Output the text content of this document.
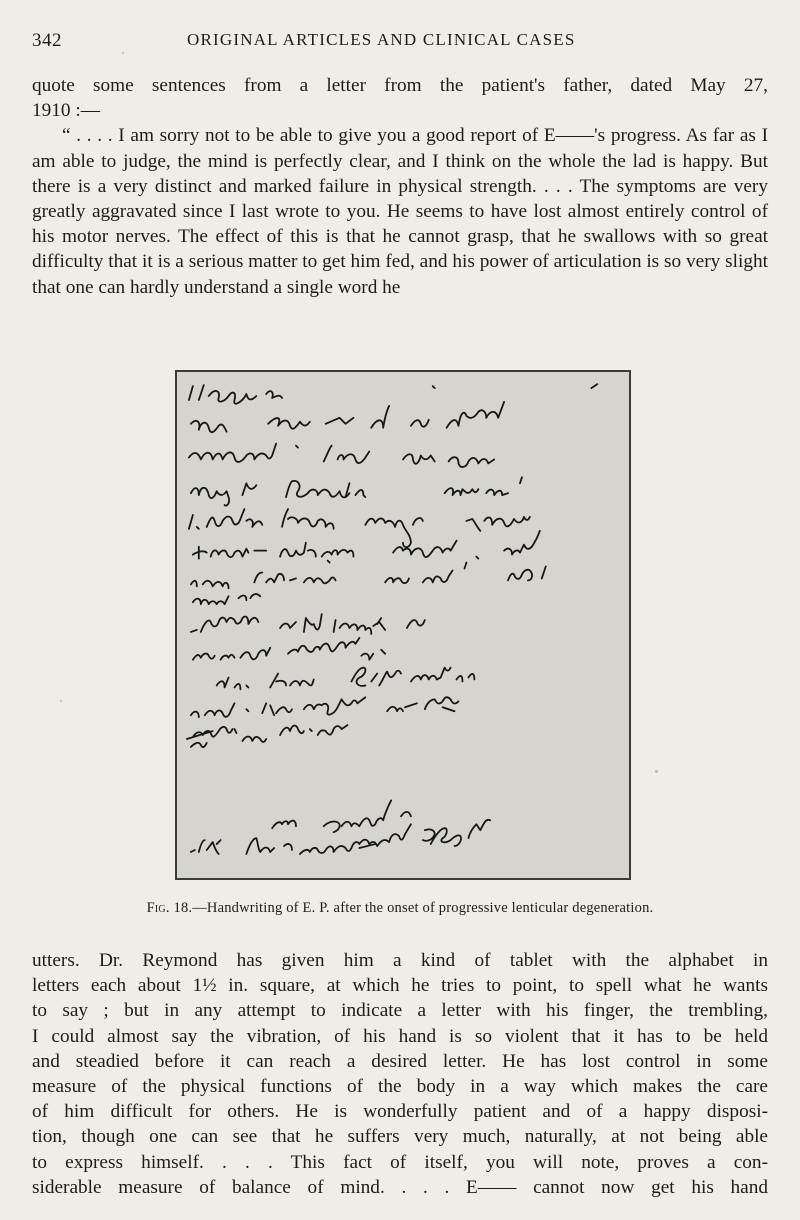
342	ORIGINAL ARTICLES AND CLINICAL CASES

quote some sentences from a letter from the patient's father, dated May 27,

1910 :—

“ . . . . I am sorry not to be able to give you a good report of E——'s progress. As far as I am able to judge, the mind is perfectly clear, and I think on the whole the lad is happy. But there is a very distinct and marked failure in physical strength. . . . The symptoms are very greatly aggravated since I last wrote to you. He seems to have lost almost entirely control of his motor nerves. The effect of this is that he cannot grasp, that he swallows with so great difficulty that it is a serious matter to get him fed, and his power of articulation is so very slight that one can hardly understand a single word he

Fig. 18.—Handwriting of E. P. after the onset of progressive lenticular degeneration.

utters. Dr. Reymond has given him a kind of tablet with the alphabet in

letters each about 1½ in. square, at which he tries to point, to spell what he wants

to say ; but in any attempt to indicate a letter with his finger, the trembling,

I could almost say the vibration, of his hand is so violent that it has to be held

and steadied before it can reach a desired letter. He has lost control in some

measure of the physical functions of the body in a way which makes the care

of him difficult for others. He is wonderfully patient and of a happy disposi-

tion, though one can see that he suffers very much, naturally, at not being able

to express himself. . . . This fact of itself, you will note, proves a con-

siderable measure of balance of mind. . . . E—— cannot now get his hand
